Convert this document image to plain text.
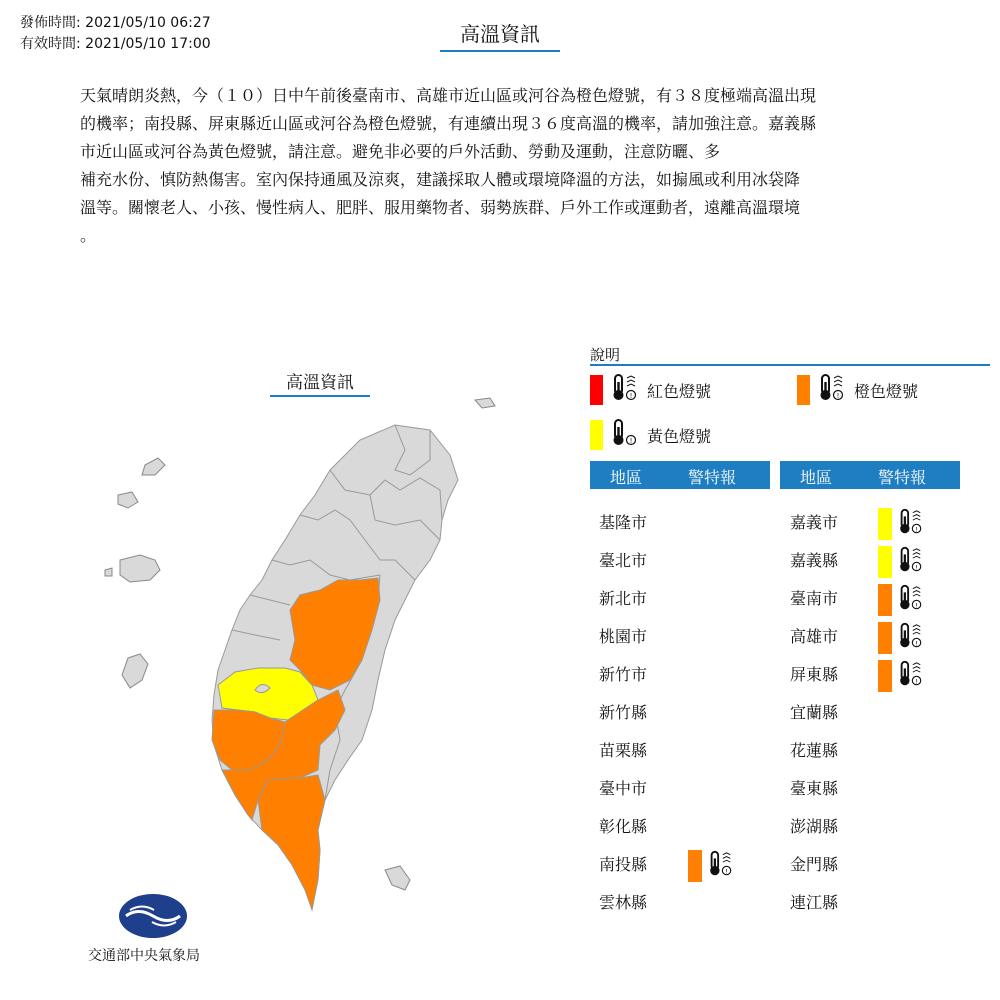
發佈時間: 2021/05/10 06:27
有效時間: 2021/05/10 17:00	高溫資訊
天氣晴朗炎熱，今（１０）日中午前後臺南市、高雄市近山區或河谷為橙色燈號，有３８度極端高溫出現
的機率；南投縣、屏東縣近山區或河谷為橙色燈號，有連續出現３６度高溫的機率，請加強注意。嘉義縣
市近山區或河谷為黃色燈號，請注意。避免非必要的戶外活動、勞動及運動，注意防曬、多
補充水份、慎防熱傷害。室內保持通風及涼爽，建議採取人體或環境降溫的方法，如搧風或利用冰袋降
溫等。關懷老人、小孩、慢性病人、肥胖、服用藥物者、弱勢族群、戶外工作或運動者，遠離高溫環境
。
高溫資訊
交通部中央氣象局
說明
! 紅色燈號	! 橙色燈號
! 黃色燈號
地區	警特報	地區	警特報
基隆市
臺北市
新北市
桃園市
新竹市
新竹縣
苗栗縣
臺中市
彰化縣
南投縣	!
雲林縣
嘉義市	!
嘉義縣	!
臺南市	!
高雄市	!
屏東縣	!
宜蘭縣
花蓮縣
臺東縣
澎湖縣
金門縣
連江縣
